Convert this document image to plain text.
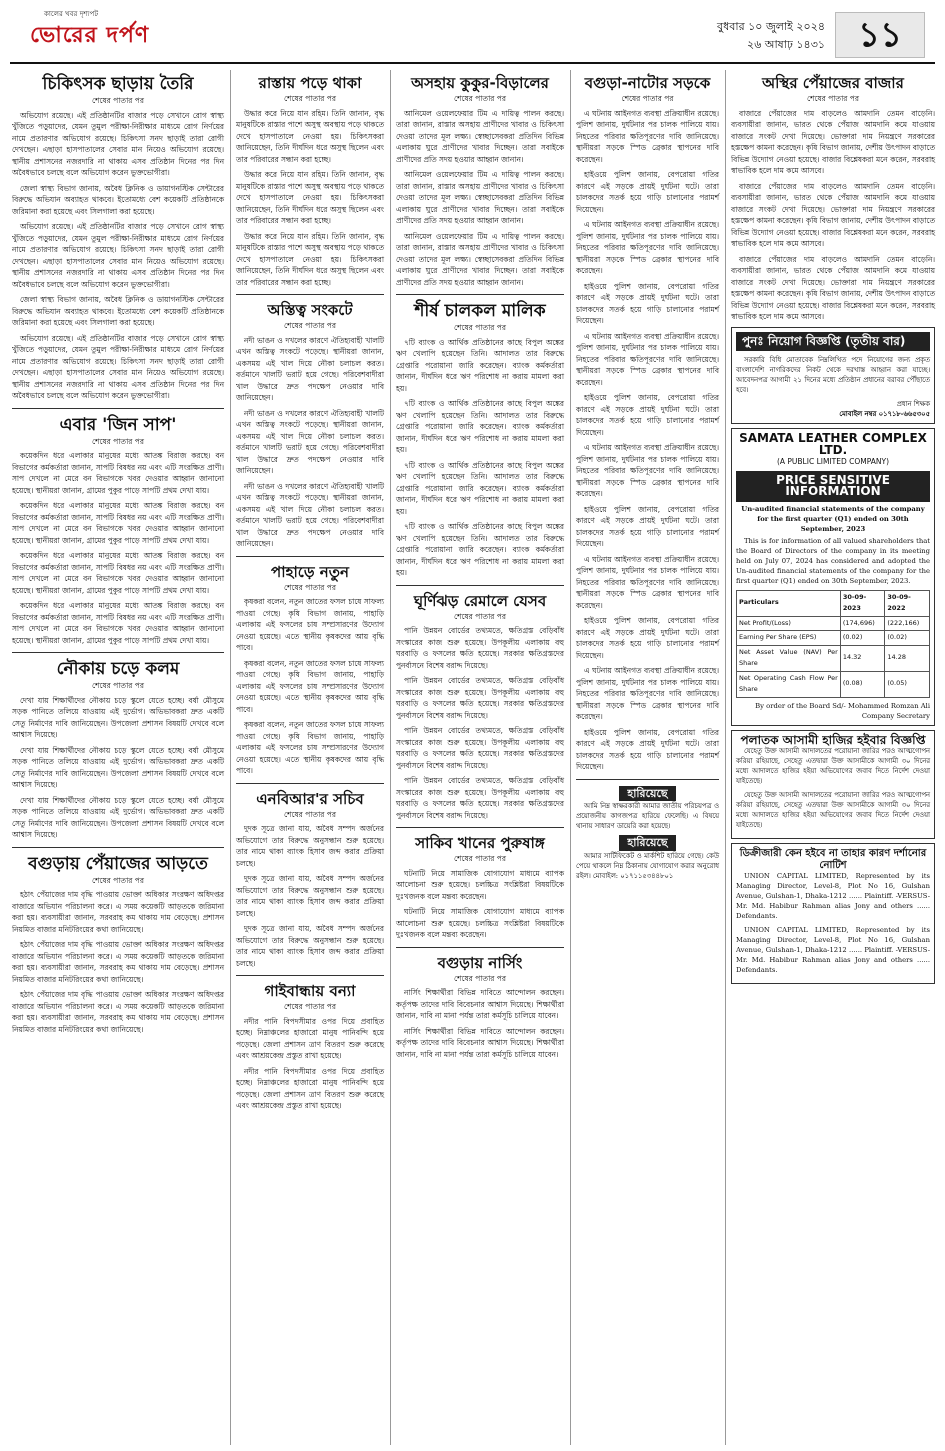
কালের খবর দৃশ্যপট
ভোরের দর্পণ	বুধবার ১০ জুলাই ২০২৪
২৬ আষাঢ় ১৪৩১ ১১
চিকিৎসক ছাড়ায় তৈরি
শেষের পাতার পর

অভিযোগ রয়েছে। এই প্রতিষ্ঠানটির বাজার পড়ে সেখানে রোগ স্বাস্থ্য খুঁজিতে পড়ুয়াদের, যেমন তুমুল পরীক্ষা-নিরীক্ষার মাধ্যমে রোগ নির্ণয়ের নামে প্রতারণার অভিযোগ রয়েছে। চিকিৎসা সনদ ছাড়াই তারা রোগী দেখছেন। এছাড়া হাসপাতালের সেবার মান নিয়েও অভিযোগ রয়েছে। স্থানীয় প্রশাসনের নজরদারি না থাকায় এসব প্রতিষ্ঠান দিনের পর দিন অবৈধভাবে চলছে বলে অভিযোগ করেন ভুক্তভোগীরা।

জেলা স্বাস্থ্য বিভাগ জানায়, অবৈধ ক্লিনিক ও ডায়াগনস্টিক সেন্টারের বিরুদ্ধে অভিযান অব্যাহত থাকবে। ইতোমধ্যে বেশ কয়েকটি প্রতিষ্ঠানকে জরিমানা করা হয়েছে এবং সিলগালা করা হয়েছে।

অভিযোগ রয়েছে। এই প্রতিষ্ঠানটির বাজার পড়ে সেখানে রোগ স্বাস্থ্য খুঁজিতে পড়ুয়াদের, যেমন তুমুল পরীক্ষা-নিরীক্ষার মাধ্যমে রোগ নির্ণয়ের নামে প্রতারণার অভিযোগ রয়েছে। চিকিৎসা সনদ ছাড়াই তারা রোগী দেখছেন। এছাড়া হাসপাতালের সেবার মান নিয়েও অভিযোগ রয়েছে। স্থানীয় প্রশাসনের নজরদারি না থাকায় এসব প্রতিষ্ঠান দিনের পর দিন অবৈধভাবে চলছে বলে অভিযোগ করেন ভুক্তভোগীরা।

জেলা স্বাস্থ্য বিভাগ জানায়, অবৈধ ক্লিনিক ও ডায়াগনস্টিক সেন্টারের বিরুদ্ধে অভিযান অব্যাহত থাকবে। ইতোমধ্যে বেশ কয়েকটি প্রতিষ্ঠানকে জরিমানা করা হয়েছে এবং সিলগালা করা হয়েছে।

অভিযোগ রয়েছে। এই প্রতিষ্ঠানটির বাজার পড়ে সেখানে রোগ স্বাস্থ্য খুঁজিতে পড়ুয়াদের, যেমন তুমুল পরীক্ষা-নিরীক্ষার মাধ্যমে রোগ নির্ণয়ের নামে প্রতারণার অভিযোগ রয়েছে। চিকিৎসা সনদ ছাড়াই তারা রোগী দেখছেন। এছাড়া হাসপাতালের সেবার মান নিয়েও অভিযোগ রয়েছে। স্থানীয় প্রশাসনের নজরদারি না থাকায় এসব প্রতিষ্ঠান দিনের পর দিন অবৈধভাবে চলছে বলে অভিযোগ করেন ভুক্তভোগীরা।

এবার 'জিন সাপ'
শেষের পাতার পর

কয়েকদিন ধরে এলাকার মানুষের মধ্যে আতঙ্ক বিরাজ করছে। বন বিভাগের কর্মকর্তারা জানান, সাপটি বিষধর নয় এবং এটি সংরক্ষিত প্রাণী। সাপ দেখলে না মেরে বন বিভাগকে খবর দেওয়ার আহ্বান জানানো হয়েছে। স্থানীয়রা জানান, গ্রামের পুকুর পাড়ে সাপটি প্রথম দেখা যায়।

কয়েকদিন ধরে এলাকার মানুষের মধ্যে আতঙ্ক বিরাজ করছে। বন বিভাগের কর্মকর্তারা জানান, সাপটি বিষধর নয় এবং এটি সংরক্ষিত প্রাণী। সাপ দেখলে না মেরে বন বিভাগকে খবর দেওয়ার আহ্বান জানানো হয়েছে। স্থানীয়রা জানান, গ্রামের পুকুর পাড়ে সাপটি প্রথম দেখা যায়।

কয়েকদিন ধরে এলাকার মানুষের মধ্যে আতঙ্ক বিরাজ করছে। বন বিভাগের কর্মকর্তারা জানান, সাপটি বিষধর নয় এবং এটি সংরক্ষিত প্রাণী। সাপ দেখলে না মেরে বন বিভাগকে খবর দেওয়ার আহ্বান জানানো হয়েছে। স্থানীয়রা জানান, গ্রামের পুকুর পাড়ে সাপটি প্রথম দেখা যায়।

কয়েকদিন ধরে এলাকার মানুষের মধ্যে আতঙ্ক বিরাজ করছে। বন বিভাগের কর্মকর্তারা জানান, সাপটি বিষধর নয় এবং এটি সংরক্ষিত প্রাণী। সাপ দেখলে না মেরে বন বিভাগকে খবর দেওয়ার আহ্বান জানানো হয়েছে। স্থানীয়রা জানান, গ্রামের পুকুর পাড়ে সাপটি প্রথম দেখা যায়।

নৌকায় চড়ে কলম
শেষের পাতার পর

দেখা যায় শিক্ষার্থীদের নৌকায় চড়ে স্কুলে যেতে হচ্ছে। বর্ষা মৌসুমে সড়ক পানিতে তলিয়ে যাওয়ায় এই দুর্ভোগ। অভিভাবকরা দ্রুত একটি সেতু নির্মাণের দাবি জানিয়েছেন। উপজেলা প্রশাসন বিষয়টি দেখবে বলে আশ্বাস দিয়েছে।

দেখা যায় শিক্ষার্থীদের নৌকায় চড়ে স্কুলে যেতে হচ্ছে। বর্ষা মৌসুমে সড়ক পানিতে তলিয়ে যাওয়ায় এই দুর্ভোগ। অভিভাবকরা দ্রুত একটি সেতু নির্মাণের দাবি জানিয়েছেন। উপজেলা প্রশাসন বিষয়টি দেখবে বলে আশ্বাস দিয়েছে।

দেখা যায় শিক্ষার্থীদের নৌকায় চড়ে স্কুলে যেতে হচ্ছে। বর্ষা মৌসুমে সড়ক পানিতে তলিয়ে যাওয়ায় এই দুর্ভোগ। অভিভাবকরা দ্রুত একটি সেতু নির্মাণের দাবি জানিয়েছেন। উপজেলা প্রশাসন বিষয়টি দেখবে বলে আশ্বাস দিয়েছে।

বগুড়ায় পেঁয়াজের আড়তে
শেষের পাতার পর

হঠাৎ পেঁয়াজের দাম বৃদ্ধি পাওয়ায় ভোক্তা অধিকার সংরক্ষণ অধিদপ্তর বাজারে অভিযান পরিচালনা করে। এ সময় কয়েকটি আড়তকে জরিমানা করা হয়। ব্যবসায়ীরা জানান, সরবরাহ কম থাকায় দাম বেড়েছে। প্রশাসন নিয়মিত বাজার মনিটরিংয়ের কথা জানিয়েছে।

হঠাৎ পেঁয়াজের দাম বৃদ্ধি পাওয়ায় ভোক্তা অধিকার সংরক্ষণ অধিদপ্তর বাজারে অভিযান পরিচালনা করে। এ সময় কয়েকটি আড়তকে জরিমানা করা হয়। ব্যবসায়ীরা জানান, সরবরাহ কম থাকায় দাম বেড়েছে। প্রশাসন নিয়মিত বাজার মনিটরিংয়ের কথা জানিয়েছে।

হঠাৎ পেঁয়াজের দাম বৃদ্ধি পাওয়ায় ভোক্তা অধিকার সংরক্ষণ অধিদপ্তর বাজারে অভিযান পরিচালনা করে। এ সময় কয়েকটি আড়তকে জরিমানা করা হয়। ব্যবসায়ীরা জানান, সরবরাহ কম থাকায় দাম বেড়েছে। প্রশাসন নিয়মিত বাজার মনিটরিংয়ের কথা জানিয়েছে।

রাস্তায় পড়ে থাকা
শেষের পাতার পর

উদ্ধার করে নিয়ে যান রহিম। তিনি জানান, বৃদ্ধ মানুষটিকে রাস্তার পাশে অসুস্থ অবস্থায় পড়ে থাকতে দেখে হাসপাতালে নেওয়া হয়। চিকিৎসকরা জানিয়েছেন, তিনি দীর্ঘদিন ধরে অসুস্থ ছিলেন এবং তার পরিবারের সন্ধান করা হচ্ছে।

উদ্ধার করে নিয়ে যান রহিম। তিনি জানান, বৃদ্ধ মানুষটিকে রাস্তার পাশে অসুস্থ অবস্থায় পড়ে থাকতে দেখে হাসপাতালে নেওয়া হয়। চিকিৎসকরা জানিয়েছেন, তিনি দীর্ঘদিন ধরে অসুস্থ ছিলেন এবং তার পরিবারের সন্ধান করা হচ্ছে।

উদ্ধার করে নিয়ে যান রহিম। তিনি জানান, বৃদ্ধ মানুষটিকে রাস্তার পাশে অসুস্থ অবস্থায় পড়ে থাকতে দেখে হাসপাতালে নেওয়া হয়। চিকিৎসকরা জানিয়েছেন, তিনি দীর্ঘদিন ধরে অসুস্থ ছিলেন এবং তার পরিবারের সন্ধান করা হচ্ছে।

অস্তিত্ব সংকটে
শেষের পাতার পর

নদী ভাঙন ও দখলের কারণে ঐতিহ্যবাহী খালটি এখন অস্তিত্ব সংকটে পড়েছে। স্থানীয়রা জানান, একসময় এই খাল দিয়ে নৌকা চলাচল করত। বর্তমানে খালটি ভরাট হয়ে গেছে। পরিবেশবাদীরা খাল উদ্ধারে দ্রুত পদক্ষেপ নেওয়ার দাবি জানিয়েছেন।

নদী ভাঙন ও দখলের কারণে ঐতিহ্যবাহী খালটি এখন অস্তিত্ব সংকটে পড়েছে। স্থানীয়রা জানান, একসময় এই খাল দিয়ে নৌকা চলাচল করত। বর্তমানে খালটি ভরাট হয়ে গেছে। পরিবেশবাদীরা খাল উদ্ধারে দ্রুত পদক্ষেপ নেওয়ার দাবি জানিয়েছেন।

নদী ভাঙন ও দখলের কারণে ঐতিহ্যবাহী খালটি এখন অস্তিত্ব সংকটে পড়েছে। স্থানীয়রা জানান, একসময় এই খাল দিয়ে নৌকা চলাচল করত। বর্তমানে খালটি ভরাট হয়ে গেছে। পরিবেশবাদীরা খাল উদ্ধারে দ্রুত পদক্ষেপ নেওয়ার দাবি জানিয়েছেন।

পাহাড়ে নতুন
শেষের পাতার পর

কৃষকরা বলেন, নতুন জাতের ফসল চাষে সাফল্য পাওয়া গেছে। কৃষি বিভাগ জানায়, পাহাড়ি এলাকায় এই ফসলের চাষ সম্প্রসারণের উদ্যোগ নেওয়া হয়েছে। এতে স্থানীয় কৃষকদের আয় বৃদ্ধি পাবে।

কৃষকরা বলেন, নতুন জাতের ফসল চাষে সাফল্য পাওয়া গেছে। কৃষি বিভাগ জানায়, পাহাড়ি এলাকায় এই ফসলের চাষ সম্প্রসারণের উদ্যোগ নেওয়া হয়েছে। এতে স্থানীয় কৃষকদের আয় বৃদ্ধি পাবে।

কৃষকরা বলেন, নতুন জাতের ফসল চাষে সাফল্য পাওয়া গেছে। কৃষি বিভাগ জানায়, পাহাড়ি এলাকায় এই ফসলের চাষ সম্প্রসারণের উদ্যোগ নেওয়া হয়েছে। এতে স্থানীয় কৃষকদের আয় বৃদ্ধি পাবে।

এনবিআর'র সচিব
শেষের পাতার পর

দুদক সূত্রে জানা যায়, অবৈধ সম্পদ অর্জনের অভিযোগে তার বিরুদ্ধে অনুসন্ধান শুরু হয়েছে। তার নামে থাকা ব্যাংক হিসাব জব্দ করার প্রক্রিয়া চলছে।

দুদক সূত্রে জানা যায়, অবৈধ সম্পদ অর্জনের অভিযোগে তার বিরুদ্ধে অনুসন্ধান শুরু হয়েছে। তার নামে থাকা ব্যাংক হিসাব জব্দ করার প্রক্রিয়া চলছে।

দুদক সূত্রে জানা যায়, অবৈধ সম্পদ অর্জনের অভিযোগে তার বিরুদ্ধে অনুসন্ধান শুরু হয়েছে। তার নামে থাকা ব্যাংক হিসাব জব্দ করার প্রক্রিয়া চলছে।

গাইবান্ধায় বন্যা
শেষের পাতার পর

নদীর পানি বিপদসীমার ওপর দিয়ে প্রবাহিত হচ্ছে। নিম্নাঞ্চলের হাজারো মানুষ পানিবন্দি হয়ে পড়েছে। জেলা প্রশাসন ত্রাণ বিতরণ শুরু করেছে এবং আশ্রয়কেন্দ্র প্রস্তুত রাখা হয়েছে।

নদীর পানি বিপদসীমার ওপর দিয়ে প্রবাহিত হচ্ছে। নিম্নাঞ্চলের হাজারো মানুষ পানিবন্দি হয়ে পড়েছে। জেলা প্রশাসন ত্রাণ বিতরণ শুরু করেছে এবং আশ্রয়কেন্দ্র প্রস্তুত রাখা হয়েছে।

অসহায় কুকুর-বিড়ালের
শেষের পাতার পর

আনিমেল ওয়েলফেয়ার টিম এ দায়িত্ব পালন করছে। তারা জানান, রাস্তার অসহায় প্রাণীদের খাবার ও চিকিৎসা দেওয়া তাদের মূল লক্ষ্য। স্বেচ্ছাসেবকরা প্রতিদিন বিভিন্ন এলাকায় ঘুরে প্রাণীদের খাবার দিচ্ছেন। তারা সবাইকে প্রাণীদের প্রতি সদয় হওয়ার আহ্বান জানান।

আনিমেল ওয়েলফেয়ার টিম এ দায়িত্ব পালন করছে। তারা জানান, রাস্তার অসহায় প্রাণীদের খাবার ও চিকিৎসা দেওয়া তাদের মূল লক্ষ্য। স্বেচ্ছাসেবকরা প্রতিদিন বিভিন্ন এলাকায় ঘুরে প্রাণীদের খাবার দিচ্ছেন। তারা সবাইকে প্রাণীদের প্রতি সদয় হওয়ার আহ্বান জানান।

আনিমেল ওয়েলফেয়ার টিম এ দায়িত্ব পালন করছে। তারা জানান, রাস্তার অসহায় প্রাণীদের খাবার ও চিকিৎসা দেওয়া তাদের মূল লক্ষ্য। স্বেচ্ছাসেবকরা প্রতিদিন বিভিন্ন এলাকায় ঘুরে প্রাণীদের খাবার দিচ্ছেন। তারা সবাইকে প্রাণীদের প্রতি সদয় হওয়ার আহ্বান জানান।

শীর্ষ চালকল মালিক
শেষের পাতার পর

৭টি ব্যাংক ও আর্থিক প্রতিষ্ঠানের কাছে বিপুল অঙ্কের ঋণ খেলাপি হয়েছেন তিনি। আদালত তার বিরুদ্ধে গ্রেপ্তারি পরোয়ানা জারি করেছেন। ব্যাংক কর্মকর্তারা জানান, দীর্ঘদিন ধরে ঋণ পরিশোধ না করায় মামলা করা হয়।

৭টি ব্যাংক ও আর্থিক প্রতিষ্ঠানের কাছে বিপুল অঙ্কের ঋণ খেলাপি হয়েছেন তিনি। আদালত তার বিরুদ্ধে গ্রেপ্তারি পরোয়ানা জারি করেছেন। ব্যাংক কর্মকর্তারা জানান, দীর্ঘদিন ধরে ঋণ পরিশোধ না করায় মামলা করা হয়।

৭টি ব্যাংক ও আর্থিক প্রতিষ্ঠানের কাছে বিপুল অঙ্কের ঋণ খেলাপি হয়েছেন তিনি। আদালত তার বিরুদ্ধে গ্রেপ্তারি পরোয়ানা জারি করেছেন। ব্যাংক কর্মকর্তারা জানান, দীর্ঘদিন ধরে ঋণ পরিশোধ না করায় মামলা করা হয়।

৭টি ব্যাংক ও আর্থিক প্রতিষ্ঠানের কাছে বিপুল অঙ্কের ঋণ খেলাপি হয়েছেন তিনি। আদালত তার বিরুদ্ধে গ্রেপ্তারি পরোয়ানা জারি করেছেন। ব্যাংক কর্মকর্তারা জানান, দীর্ঘদিন ধরে ঋণ পরিশোধ না করায় মামলা করা হয়।

ঘূর্ণিঝড় রেমালে যেসব
শেষের পাতার পর

পানি উন্নয়ন বোর্ডের তথ্যমতে, ক্ষতিগ্রস্ত বেড়িবাঁধ সংস্কারের কাজ শুরু হয়েছে। উপকূলীয় এলাকায় বহু ঘরবাড়ি ও ফসলের ক্ষতি হয়েছে। সরকার ক্ষতিগ্রস্তদের পুনর্বাসনে বিশেষ বরাদ্দ দিয়েছে।

পানি উন্নয়ন বোর্ডের তথ্যমতে, ক্ষতিগ্রস্ত বেড়িবাঁধ সংস্কারের কাজ শুরু হয়েছে। উপকূলীয় এলাকায় বহু ঘরবাড়ি ও ফসলের ক্ষতি হয়েছে। সরকার ক্ষতিগ্রস্তদের পুনর্বাসনে বিশেষ বরাদ্দ দিয়েছে।

পানি উন্নয়ন বোর্ডের তথ্যমতে, ক্ষতিগ্রস্ত বেড়িবাঁধ সংস্কারের কাজ শুরু হয়েছে। উপকূলীয় এলাকায় বহু ঘরবাড়ি ও ফসলের ক্ষতি হয়েছে। সরকার ক্ষতিগ্রস্তদের পুনর্বাসনে বিশেষ বরাদ্দ দিয়েছে।

পানি উন্নয়ন বোর্ডের তথ্যমতে, ক্ষতিগ্রস্ত বেড়িবাঁধ সংস্কারের কাজ শুরু হয়েছে। উপকূলীয় এলাকায় বহু ঘরবাড়ি ও ফসলের ক্ষতি হয়েছে। সরকার ক্ষতিগ্রস্তদের পুনর্বাসনে বিশেষ বরাদ্দ দিয়েছে।

সাকিব খানের পুরুষাঙ্গ
শেষের পাতার পর

ঘটনাটি নিয়ে সামাজিক যোগাযোগ মাধ্যমে ব্যাপক আলোচনা শুরু হয়েছে। চলচ্চিত্র সংশ্লিষ্টরা বিষয়টিকে দুঃখজনক বলে মন্তব্য করেছেন।

ঘটনাটি নিয়ে সামাজিক যোগাযোগ মাধ্যমে ব্যাপক আলোচনা শুরু হয়েছে। চলচ্চিত্র সংশ্লিষ্টরা বিষয়টিকে দুঃখজনক বলে মন্তব্য করেছেন।

বগুড়ায় নার্সিং
শেষের পাতার পর

নার্সিং শিক্ষার্থীরা বিভিন্ন দাবিতে আন্দোলন করছেন। কর্তৃপক্ষ তাদের দাবি বিবেচনার আশ্বাস দিয়েছে। শিক্ষার্থীরা জানান, দাবি না মানা পর্যন্ত তারা কর্মসূচি চালিয়ে যাবেন।

নার্সিং শিক্ষার্থীরা বিভিন্ন দাবিতে আন্দোলন করছেন। কর্তৃপক্ষ তাদের দাবি বিবেচনার আশ্বাস দিয়েছে। শিক্ষার্থীরা জানান, দাবি না মানা পর্যন্ত তারা কর্মসূচি চালিয়ে যাবেন।

বগুড়া-নাটোর সড়কে
শেষের পাতার পর

এ ঘটনায় আইনগত ব্যবস্থা প্রক্রিয়াধীন রয়েছে। পুলিশ জানায়, দুর্ঘটনার পর চালক পালিয়ে যায়। নিহতের পরিবার ক্ষতিপূরণের দাবি জানিয়েছে। স্থানীয়রা সড়কে স্পিড ব্রেকার স্থাপনের দাবি করেছেন।

হাইওয়ে পুলিশ জানায়, বেপরোয়া গতির কারণে এই সড়কে প্রায়ই দুর্ঘটনা ঘটে। তারা চালকদের সতর্ক হয়ে গাড়ি চালানোর পরামর্শ দিয়েছেন।

এ ঘটনায় আইনগত ব্যবস্থা প্রক্রিয়াধীন রয়েছে। পুলিশ জানায়, দুর্ঘটনার পর চালক পালিয়ে যায়। নিহতের পরিবার ক্ষতিপূরণের দাবি জানিয়েছে। স্থানীয়রা সড়কে স্পিড ব্রেকার স্থাপনের দাবি করেছেন।

হাইওয়ে পুলিশ জানায়, বেপরোয়া গতির কারণে এই সড়কে প্রায়ই দুর্ঘটনা ঘটে। তারা চালকদের সতর্ক হয়ে গাড়ি চালানোর পরামর্শ দিয়েছেন।

এ ঘটনায় আইনগত ব্যবস্থা প্রক্রিয়াধীন রয়েছে। পুলিশ জানায়, দুর্ঘটনার পর চালক পালিয়ে যায়। নিহতের পরিবার ক্ষতিপূরণের দাবি জানিয়েছে। স্থানীয়রা সড়কে স্পিড ব্রেকার স্থাপনের দাবি করেছেন।

হাইওয়ে পুলিশ জানায়, বেপরোয়া গতির কারণে এই সড়কে প্রায়ই দুর্ঘটনা ঘটে। তারা চালকদের সতর্ক হয়ে গাড়ি চালানোর পরামর্শ দিয়েছেন।

এ ঘটনায় আইনগত ব্যবস্থা প্রক্রিয়াধীন রয়েছে। পুলিশ জানায়, দুর্ঘটনার পর চালক পালিয়ে যায়। নিহতের পরিবার ক্ষতিপূরণের দাবি জানিয়েছে। স্থানীয়রা সড়কে স্পিড ব্রেকার স্থাপনের দাবি করেছেন।

হাইওয়ে পুলিশ জানায়, বেপরোয়া গতির কারণে এই সড়কে প্রায়ই দুর্ঘটনা ঘটে। তারা চালকদের সতর্ক হয়ে গাড়ি চালানোর পরামর্শ দিয়েছেন।

এ ঘটনায় আইনগত ব্যবস্থা প্রক্রিয়াধীন রয়েছে। পুলিশ জানায়, দুর্ঘটনার পর চালক পালিয়ে যায়। নিহতের পরিবার ক্ষতিপূরণের দাবি জানিয়েছে। স্থানীয়রা সড়কে স্পিড ব্রেকার স্থাপনের দাবি করেছেন।

হাইওয়ে পুলিশ জানায়, বেপরোয়া গতির কারণে এই সড়কে প্রায়ই দুর্ঘটনা ঘটে। তারা চালকদের সতর্ক হয়ে গাড়ি চালানোর পরামর্শ দিয়েছেন।

এ ঘটনায় আইনগত ব্যবস্থা প্রক্রিয়াধীন রয়েছে। পুলিশ জানায়, দুর্ঘটনার পর চালক পালিয়ে যায়। নিহতের পরিবার ক্ষতিপূরণের দাবি জানিয়েছে। স্থানীয়রা সড়কে স্পিড ব্রেকার স্থাপনের দাবি করেছেন।

হাইওয়ে পুলিশ জানায়, বেপরোয়া গতির কারণে এই সড়কে প্রায়ই দুর্ঘটনা ঘটে। তারা চালকদের সতর্ক হয়ে গাড়ি চালানোর পরামর্শ দিয়েছেন।

হারিয়েছে

আমি নিম্ন স্বাক্ষরকারী আমার জাতীয় পরিচয়পত্র ও প্রয়োজনীয় কাগজপত্র হারিয়ে ফেলেছি। এ বিষয়ে থানায় সাধারণ ডায়েরি করা হয়েছে।

হারিয়েছে

আমার সার্টিফিকেট ও মার্কশিট হারিয়ে গেছে। কেউ পেয়ে থাকলে নিম্ন ঠিকানায় যোগাযোগ করার অনুরোধ রইল। মোবাইল: ০১৭১১৫৩৪৪৮০১

অস্থির পেঁয়াজের বাজার
শেষের পাতার পর

বাজারে পেঁয়াজের দাম বাড়লেও আমদানি তেমন বাড়েনি। ব্যবসায়ীরা জানান, ভারত থেকে পেঁয়াজ আমদানি কমে যাওয়ায় বাজারে সংকট দেখা দিয়েছে। ভোক্তারা দাম নিয়ন্ত্রণে সরকারের হস্তক্ষেপ কামনা করেছেন। কৃষি বিভাগ জানায়, দেশীয় উৎপাদন বাড়াতে বিভিন্ন উদ্যোগ নেওয়া হয়েছে। বাজার বিশ্লেষকরা মনে করেন, সরবরাহ স্বাভাবিক হলে দাম কমে আসবে।

বাজারে পেঁয়াজের দাম বাড়লেও আমদানি তেমন বাড়েনি। ব্যবসায়ীরা জানান, ভারত থেকে পেঁয়াজ আমদানি কমে যাওয়ায় বাজারে সংকট দেখা দিয়েছে। ভোক্তারা দাম নিয়ন্ত্রণে সরকারের হস্তক্ষেপ কামনা করেছেন। কৃষি বিভাগ জানায়, দেশীয় উৎপাদন বাড়াতে বিভিন্ন উদ্যোগ নেওয়া হয়েছে। বাজার বিশ্লেষকরা মনে করেন, সরবরাহ স্বাভাবিক হলে দাম কমে আসবে।

বাজারে পেঁয়াজের দাম বাড়লেও আমদানি তেমন বাড়েনি। ব্যবসায়ীরা জানান, ভারত থেকে পেঁয়াজ আমদানি কমে যাওয়ায় বাজারে সংকট দেখা দিয়েছে। ভোক্তারা দাম নিয়ন্ত্রণে সরকারের হস্তক্ষেপ কামনা করেছেন। কৃষি বিভাগ জানায়, দেশীয় উৎপাদন বাড়াতে বিভিন্ন উদ্যোগ নেওয়া হয়েছে। বাজার বিশ্লেষকরা মনে করেন, সরবরাহ স্বাভাবিক হলে দাম কমে আসবে।

পুনঃ নিয়োগ বিজ্ঞপ্তি (তৃতীয় বার)

সরকারি বিধি মোতাবেক নিম্নলিখিত পদে নিয়োগের জন্য প্রকৃত বাংলাদেশি নাগরিকদের নিকট থেকে দরখাস্ত আহ্বান করা যাচ্ছে। আবেদনপত্র আগামী ২১ দিনের মধ্যে প্রতিষ্ঠান প্রধানের বরাবর পৌঁছাতে হবে।

প্রধান শিক্ষক
মোবাইল নম্বর ০১৭১৮-৬৬৫৩০৫
SAMATA LEATHER COMPLEX LTD.
(A PUBLIC LIMITED COMPANY)
PRICE SENSITIVE INFORMATION
Un-audited financial statements of the company for the first quarter (Q1) ended on 30th September, 2023

This is for information of all valued shareholders that the Board of Directors of the company in its meeting held on July 07, 2024 has considered and adopted the Un-audited financial statements of the company for the first quarter (Q1) ended on 30th September, 2023.

Particulars	30-09-2023	30-09-2022
Net Profit/(Loss)	(174,696)	(222,166)
Earning Per Share (EPS)	(0.02)	(0.02)
Net Asset Value (NAV) Per Share	14.32	14.28
Net Operating Cash Flow Per Share	(0.08)	(0.05)
By order of the Board Sd/- Mohammed Romzan Ali Company Secretary
পলাতক আসামী হাজির হইবার বিজ্ঞপ্তি

যেহেতু উক্ত আসামী আদালতের পরোয়ানা জারির পরও আত্মগোপন করিয়া রহিয়াছে, সেহেতু এতদ্বারা উক্ত আসামীকে আগামী ৩০ দিনের মধ্যে আদালতে হাজির হইয়া অভিযোগের জবাব দিতে নির্দেশ দেওয়া যাইতেছে।

যেহেতু উক্ত আসামী আদালতের পরোয়ানা জারির পরও আত্মগোপন করিয়া রহিয়াছে, সেহেতু এতদ্বারা উক্ত আসামীকে আগামী ৩০ দিনের মধ্যে আদালতে হাজির হইয়া অভিযোগের জবাব দিতে নির্দেশ দেওয়া যাইতেছে।

ডিক্রীজারী কেন হইবে না তাহার কারণ দর্শানোর নোটিশ

UNION CAPITAL LIMITED, Represented by its Managing Director, Level-8, Plot No 16, Gulshan Avenue, Gulshan-1, Dhaka-1212 ...... Plaintiff. -VERSUS- Mr. Md. Habibur Rahman alias Jony and others ...... Defendants.

UNION CAPITAL LIMITED, Represented by its Managing Director, Level-8, Plot No 16, Gulshan Avenue, Gulshan-1, Dhaka-1212 ...... Plaintiff. -VERSUS- Mr. Md. Habibur Rahman alias Jony and others ...... Defendants.
